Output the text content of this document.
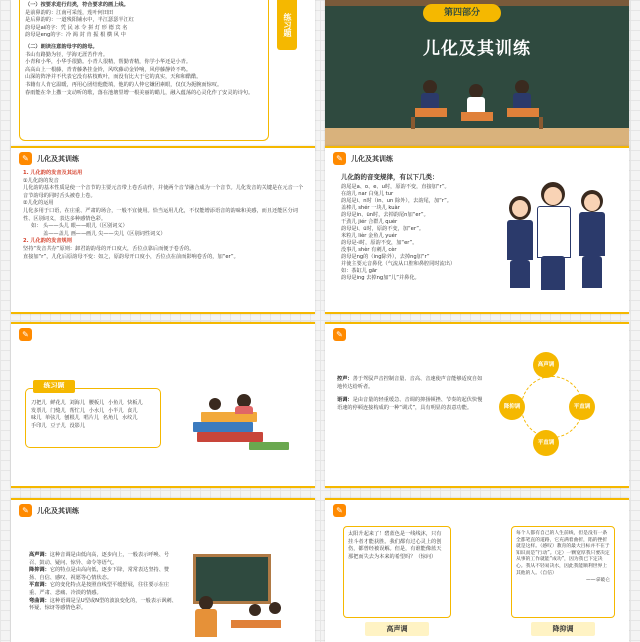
（一）按要求进行归类，符合要求的画上线。
是前鼻韵的：江南可采莲，莲叶何田田
是后鼻韵的：一道残阳铺水中，半江瑟瑟半江红
韵母是ai的字：凭 民 冰 令 拼 灯 形 德 宾 名
韵母是eng的字：冷 渴 封 肯 振 根 横 风 中
（二）朗读注意韵母字的韵母。
书山有路勤为径，学海无涯苦作舟。
小青和小华，小华手很勤。小青人很精，帮勤青精，你学小华还是小青。
高高山上一根藤，青青藤条挂金铃，风吹藤动金铃响，风停藤静铃不鸣。
山深的阵净并不代表它没有枯枝败叶，而没有比大于它的真实，天和和酷酷。
书籍有人肯它温暖，再用心团结他能填，他的的人仲它嫌团素眼，仅仅为扼腕而惊叹。
春雨能在伞上撒一支动听的歌，落在池塘里增一根美丽的蜡儿，融入蕴荡的心灵化作了安灵的诗句。
练习题	第四部分
儿化及其训练
✎	儿化及其训练
1. 儿化韵的发音及其运用
①儿化韵的发音
儿化韵的基本性质是使一个音节的主要元音带上卷舌动作，并使两个音节融合成为一个音节。儿化发音的关键是在元音一个音节韵母的同时舌头被卷上卷。
②儿化的运用
儿化多用于口语，在庄重、严肃的场合，一般不宜使用。恰当运用儿化，不仅能增添语音的韵味和美感，而且还能区分词性、区别词义，表达多种感情色彩。
如： 头——头儿 眼——眼儿（区别词义）
盖——盖儿 画——画儿 尖——尖儿（区别词性词义）
2. 儿化韵的发音规则
坚持“发音共存”原则：卸君韵韵母的开口度大，舌位点靠后而便于卷舌的。
直接加“r”，儿化后原韵母不变：如之，原韵母开口度小，舌位点在前而影响卷舌的，加“er”。
✎	儿化及其训练
儿化韵的音变规律，有以下几类：
韵尾是a、o、e、u时，原韵不变，直接加“r”。
在韵儿 nar 白兔儿 tur
韵尾是i、n时（in、un 除外），去韵尾，加“r”。
盖棒儿 shér 一块儿 kuàr
韵母是in、ün时，去掉韵尾n加“er”。
干劲儿 jiér 合群儿 quér
韵母是i、ü时，原韵不变，加“er”。
米粒儿 lièr 金鱼儿 yuér
韵母是-i时，原韵不变，加“er”。
没事儿 shèr 有刺儿 cèr
韵母是ng的（ing除外），去掉ng加“r”
并使主要元音鼻化（气流从口腔和鼻腔同时流出）
如：茶缸儿 gār
韵母是ing 去掉ng加“儿”并鼻化。
✎
练习题
刀把儿 鲜花儿 刘海儿 腰板儿 小鱼儿 快板儿
发票儿 门缝儿 帮忙儿 小水儿 小半儿 食儿
味儿 单弦儿 刨根儿 唱片儿 名角儿 水纹儿
手印儿 豆子儿 没影儿
✎
控声：善于驾驭声音控制音量、音高、音速使声音能够适度自如地传达给听者。
语调：是由音量的轻重缓急、音调的抑扬顿挫、节奏的起伏快慢语速的停顿连接构成的一种“调式”，具有明显的表意功能。
高声调
降抑调	平直调
平直调
✎	儿化及其训练
高声调：这种音调是由低向高，逐步向上，一般表示呼唤、号召、鼓动、疑问、惊异、命令等语气。
降抑调：它的特点是由高向低，逐步下降，常常表达坚持、赞扬、自信、感叹、祝愿等心情状态。
平直调：它的变化特点是按照直线型平缓舒展，往往要示在庄重、严肃、悲痛、冷淡的情感。
弯曲调：这种语调是呈U型或N型的波浪变化的，一般表示讽刺、怀疑、惊讶等感情色彩。
✎
太阳升起来了！碧蓝色是一线线沐，只有挂斗者才能获胜。我们都有过心灵上的创伤，都曾经被误解。但是，有谁能像蓝天那把而失去为本来的希望吗？（惊问）
高声调
每个人都有自己的人生前线，但是没有一条全都笔直的道路，它充满着曲折，陷的挫折就是这样。（感叹）教育的最大目标并不在于知识而是“行动”。（定）一颗宽厚我只要决定从事的工作就能“成功”，因为我已下定决心。我从不轻易决水，因此我能顺利世界上其他的人。（自信）
——拿破仑
降抑调
